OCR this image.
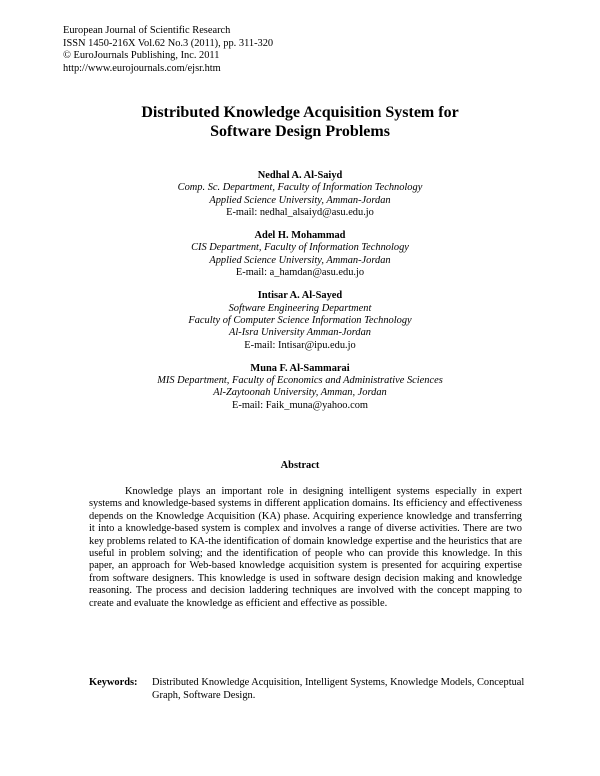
European Journal of Scientific Research
ISSN 1450-216X Vol.62 No.3 (2011), pp. 311-320
© EuroJournals Publishing, Inc. 2011
http://www.eurojournals.com/ejsr.htm
Distributed Knowledge Acquisition System for
Software Design Problems
Nedhal A. Al-Saiyd
Comp. Sc. Department, Faculty of Information Technology
Applied Science University, Amman-Jordan
E-mail: nedhal_alsaiyd@asu.edu.jo
Adel H. Mohammad
CIS Department, Faculty of Information Technology
Applied Science University, Amman-Jordan
E-mail: a_hamdan@asu.edu.jo
Intisar A. Al-Sayed
Software Engineering Department
Faculty of Computer Science Information Technology
Al-Isra University Amman-Jordan
E-mail: Intisar@ipu.edu.jo
Muna F. Al-Sammarai
MIS Department, Faculty of Economics and Administrative Sciences
Al-Zaytoonah University, Amman, Jordan
E-mail: Faik_muna@yahoo.com
Abstract

Knowledge plays an important role in designing intelligent systems especially in expert systems and knowledge-based systems in different application domains. Its efficiency and effectiveness depends on the Knowledge Acquisition (KA) phase. Acquiring experience knowledge and transferring it into a knowledge-based system is complex and involves a range of diverse activities. There are two key problems related to KA-the identification of domain knowledge expertise and the heuristics that are useful in problem solving; and the identification of people who can provide this knowledge. In this paper, an approach for Web-based knowledge acquisition system is presented for acquiring expertise from software designers. This knowledge is used in software design decision making and knowledge reasoning. The process and decision laddering techniques are involved with the concept mapping to create and evaluate the knowledge as efficient and effective as possible.

Keywords:	Distributed Knowledge Acquisition, Intelligent Systems, Knowledge Models, Conceptual Graph, Software Design.
